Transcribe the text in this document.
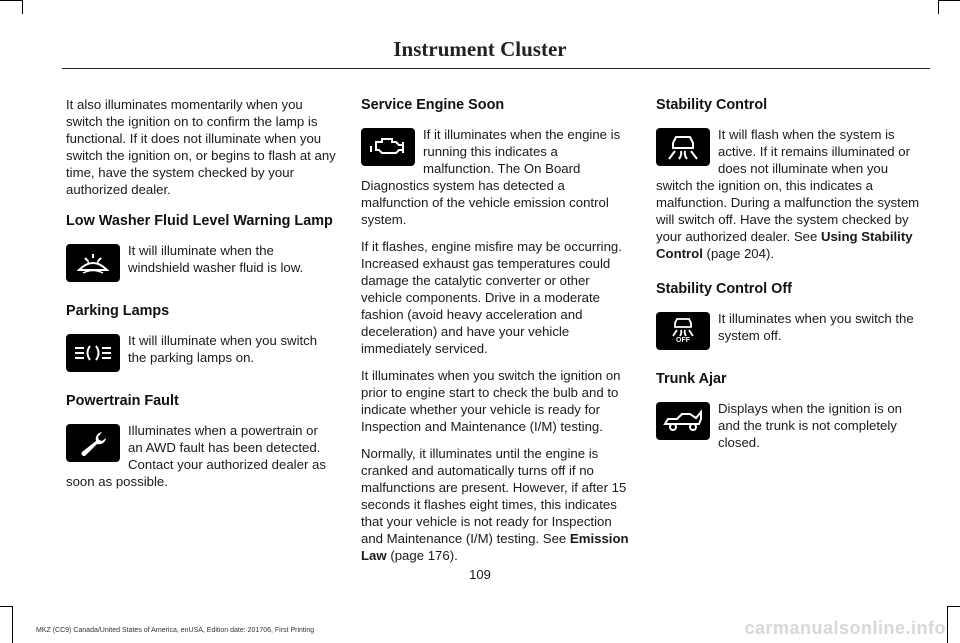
Instrument Cluster

It also illuminates momentarily when you switch the ignition on to confirm the lamp is functional. If it does not illuminate when you switch the ignition on, or begins to flash at any time, have the system checked by your authorized dealer.

Low Washer Fluid Level Warning Lamp
It will illuminate when the windshield washer fluid is low.
Parking Lamps
It will illuminate when you switch the parking lamps on.
Powertrain Fault
Illuminates when a powertrain or an AWD fault has been detected. Contact your authorized dealer as soon as possible.
Service Engine Soon

If it illuminates when the engine is running this indicates a malfunction. The On Board Diagnostics system has detected a malfunction of the vehicle emission control system.

If it flashes, engine misfire may be occurring. Increased exhaust gas temperatures could damage the catalytic converter or other vehicle components. Drive in a moderate fashion (avoid heavy acceleration and deceleration) and have your vehicle immediately serviced.

It illuminates when you switch the ignition on prior to engine start to check the bulb and to indicate whether your vehicle is ready for Inspection and Maintenance (I/M) testing.

Normally, it illuminates until the engine is cranked and automatically turns off if no malfunctions are present. However, if after 15 seconds it flashes eight times, this indicates that your vehicle is not ready for Inspection and Maintenance (I/M) testing. See Emission Law (page 176).

Stability Control

It will flash when the system is active. If it remains illuminated or does not illuminate when you switch the ignition on, this indicates a malfunction. During a malfunction the system will switch off. Have the system checked by your authorized dealer. See Using Stability Control (page 204).

Stability Control Off
OFF
It illuminates when you switch the system off.
Trunk Ajar
Displays when the ignition is on and the trunk is not completely closed.
109
MKZ (CC9) Canada/United States of America, enUSA, Edition date: 201706, First Printing	carmanualsonline.info
